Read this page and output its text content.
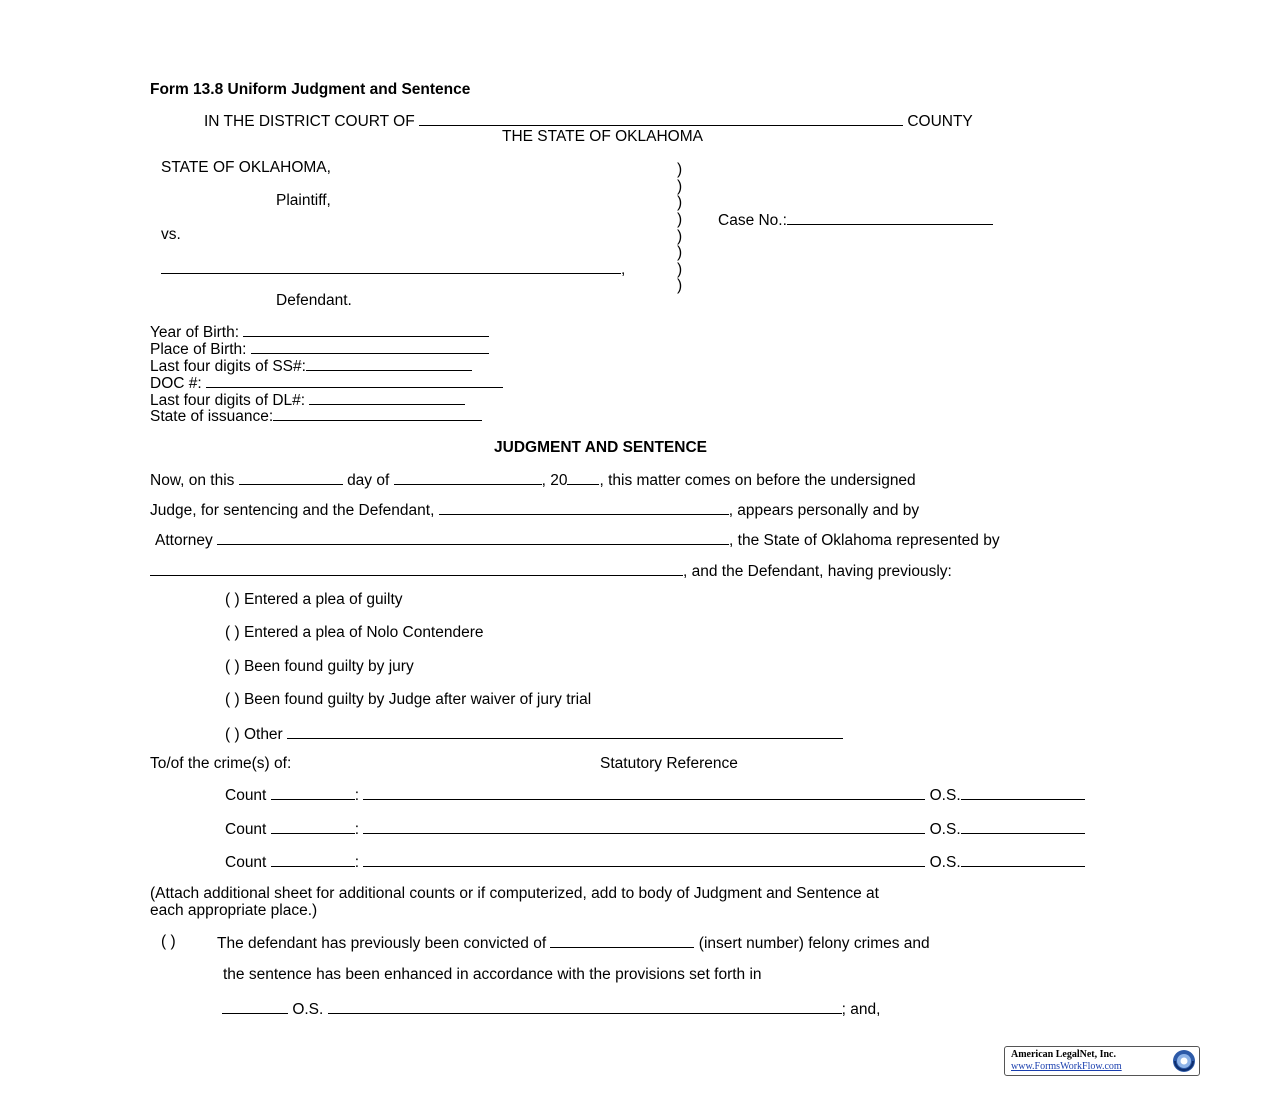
Form 13.8 Uniform Judgment and Sentence
IN THE DISTRICT COURT OF	COUNTY
THE STATE OF OKLAHOMA
STATE OF OKLAHOMA,
Plaintiff,
vs.
,
Defendant.
)
)
)
)
)
)
)
)
Case No.:
Year of Birth:
Place of Birth:
Last four digits of SS#:
DOC #:
Last four digits of DL#:
State of issuance:
JUDGMENT AND SENTENCE
Now, on this	day of	, 20 , this matter comes on before the undersigned
Judge, for sentencing and the Defendant,	, appears personally and by
Attorney	, the State of Oklahoma represented by
, and the Defendant, having previously:
( ) Entered a plea of guilty
( ) Entered a plea of Nolo Contendere
( ) Been found guilty by jury
( ) Been found guilty by Judge after waiver of jury trial
( ) Other
To/of the crime(s) of:	Statutory Reference
Count	:	O.S.
Count	:	O.S.
Count	:	O.S.
(Attach additional sheet for additional counts or if computerized, add to body of Judgment and Sentence at
each appropriate place.)
( )	The defendant has previously been convicted of	(insert number) felony crimes and
the sentence has been enhanced in accordance with the provisions set forth in
O.S.	; and,
American LegalNet, Inc.
www.FormsWorkFlow.com
